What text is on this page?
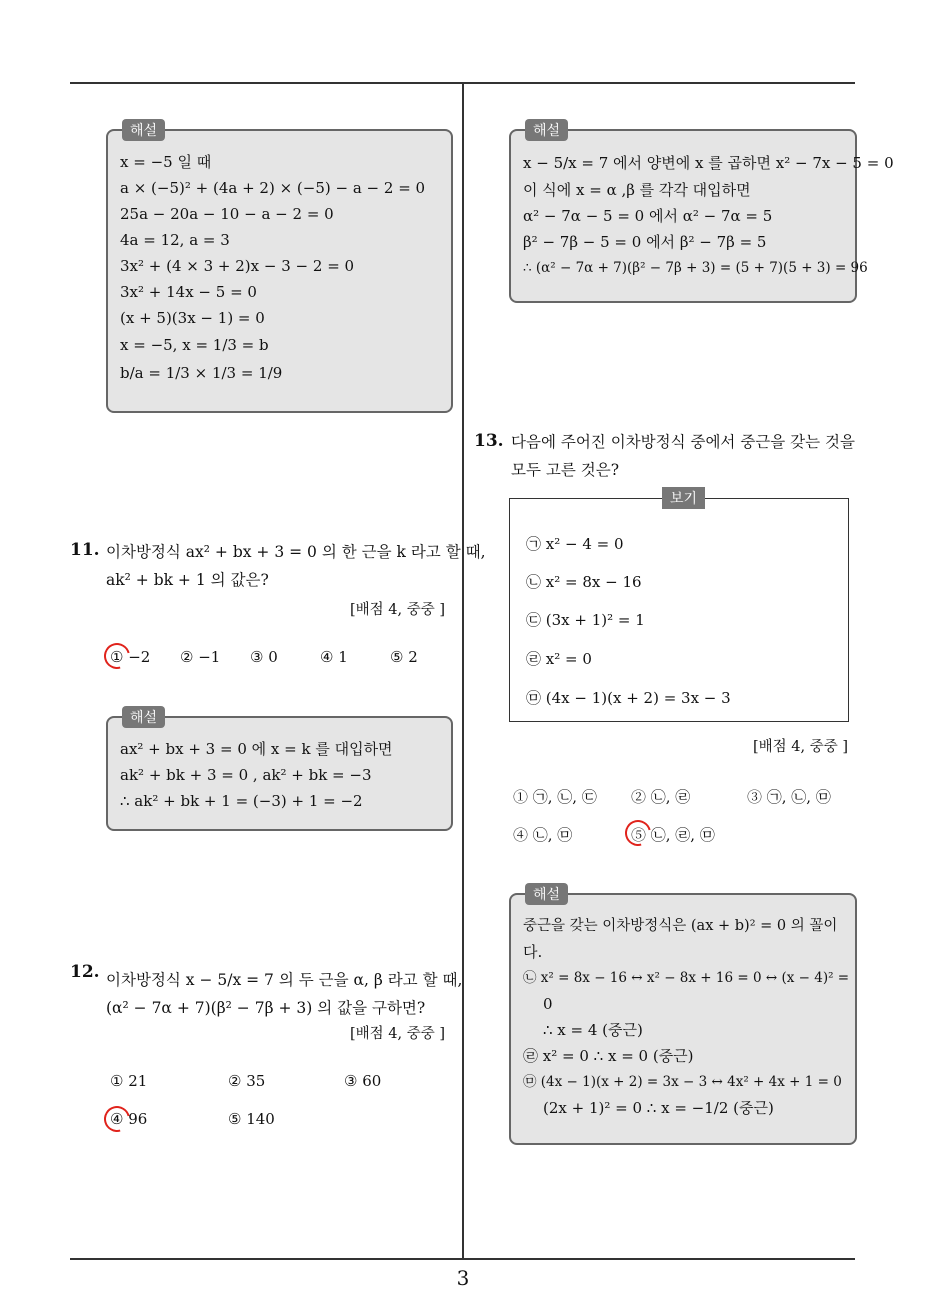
해설
x = −5 일 때
a × (−5)² + (4a + 2) × (−5) − a − 2 = 0
25a − 20a − 10 − a − 2 = 0
4a = 12, a = 3
3x² + (4 × 3 + 2)x − 3 − 2 = 0
3x² + 14x − 5 = 0
(x + 5)(3x − 1) = 0
x = −5, x = 1/3 = b
b/a = 1/3 × 1/3 = 1/9
11. 이차방정식 ax² + bx + 3 = 0 의 한 근을 k 라고 할 때,
ak² + bk + 1 의 값은?
[배점 4, 중중 ]
① −2 ② −1 ③ 0	④ 1	⑤ 2
해설
ax² + bx + 3 = 0 에 x = k 를 대입하면
ak² + bk + 3 = 0 , ak² + bk = −3
∴ ak² + bk + 1 = (−3) + 1 = −2
12. 이차방정식 x − 5/x = 7 의 두 근을 α, β 라고 할 때,
(α² − 7α + 7)(β² − 7β + 3) 의 값을 구하면?
[배점 4, 중중 ]
① 21	② 35	③ 60
④ 96	⑤ 140
해설
x − 5/x = 7 에서 양변에 x 를 곱하면 x² − 7x − 5 = 0
이 식에 x = α ,β 를 각각 대입하면
α² − 7α − 5 = 0 에서 α² − 7α = 5
β² − 7β − 5 = 0 에서 β² − 7β = 5
∴ (α² − 7α + 7)(β² − 7β + 3) = (5 + 7)(5 + 3) = 96
13. 다음에 주어진 이차방정식 중에서 중근을 갖는 것을
모두 고른 것은?
보기
㉠ x² − 4 = 0
㉡ x² = 8x − 16
㉢ (3x + 1)² = 1
㉣ x² = 0
㉤ (4x − 1)(x + 2) = 3x − 3
[배점 4, 중중 ]
① ㉠, ㉡, ㉢ ② ㉡, ㉣	③ ㉠, ㉡, ㉤
④ ㉡, ㉤	⑤ ㉡, ㉣, ㉤
해설
중근을 갖는 이차방정식은 (ax + b)² = 0 의 꼴이
다.
㉡ x² = 8x − 16 ↔ x² − 8x + 16 = 0 ↔ (x − 4)² =
0
∴ x = 4 (중근)
㉣ x² = 0 ∴ x = 0 (중근)
㉤ (4x − 1)(x + 2) = 3x − 3 ↔ 4x² + 4x + 1 = 0
(2x + 1)² = 0 ∴ x = −1/2 (중근)
3
